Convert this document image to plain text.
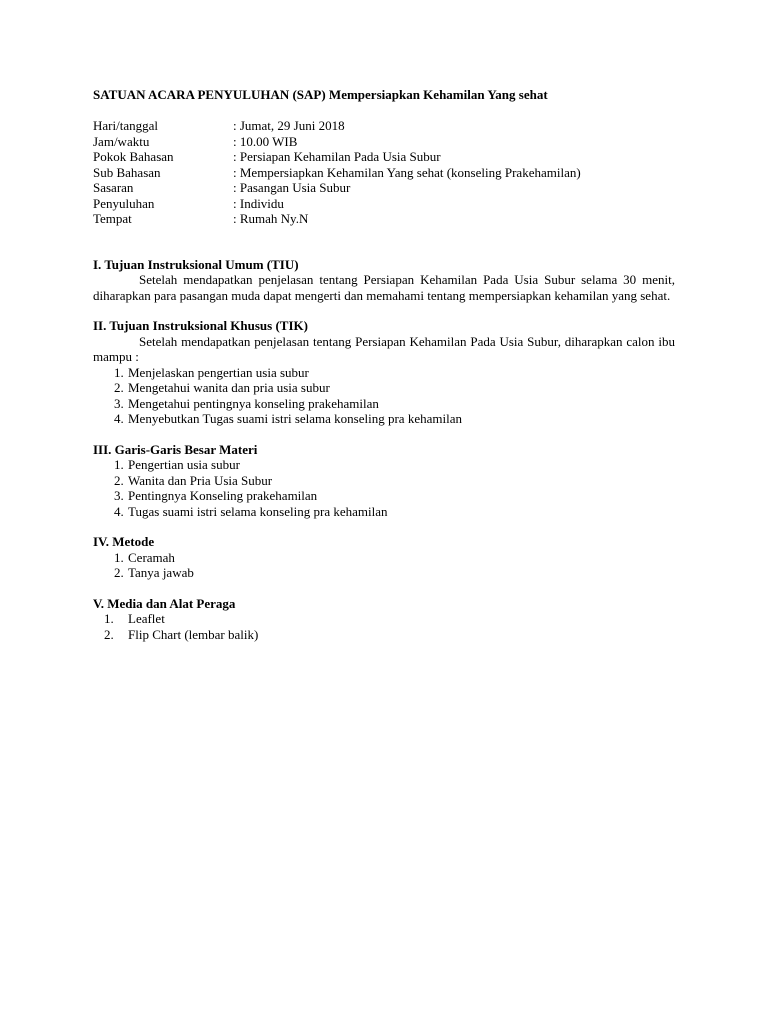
SATUAN ACARA PENYULUHAN (SAP) Mempersiapkan Kehamilan Yang sehat
Hari/tanggal	: Jumat, 29 Juni 2018
Jam/waktu	: 10.00 WIB
Pokok Bahasan	: Persiapan Kehamilan Pada Usia Subur
Sub Bahasan	: Mempersiapkan Kehamilan Yang sehat (konseling Prakehamilan)
Sasaran	: Pasangan Usia Subur
Penyuluhan	: Individu
Tempat	: Rumah Ny.N
I. Tujuan Instruksional Umum (TIU)

Setelah mendapatkan penjelasan tentang Persiapan Kehamilan Pada Usia Subur selama 30 menit, diharapkan para pasangan muda dapat mengerti dan memahami tentang mempersiapkan kehamilan yang sehat.

II. Tujuan Instruksional Khusus (TIK)

Setelah mendapatkan penjelasan tentang Persiapan Kehamilan Pada Usia Subur, diharapkan calon ibu mampu :

1. Menjelaskan pengertian usia subur
2. Mengetahui wanita dan pria usia subur
3. Mengetahui pentingnya konseling prakehamilan
4. Menyebutkan Tugas suami istri selama konseling pra kehamilan
III. Garis-Garis Besar Materi
1. Pengertian usia subur
2. Wanita dan Pria Usia Subur
3. Pentingnya Konseling prakehamilan
4. Tugas suami istri selama konseling pra kehamilan
IV. Metode
1. Ceramah
2. Tanya jawab
V. Media dan Alat Peraga
1. Leaflet
2. Flip Chart (lembar balik)
